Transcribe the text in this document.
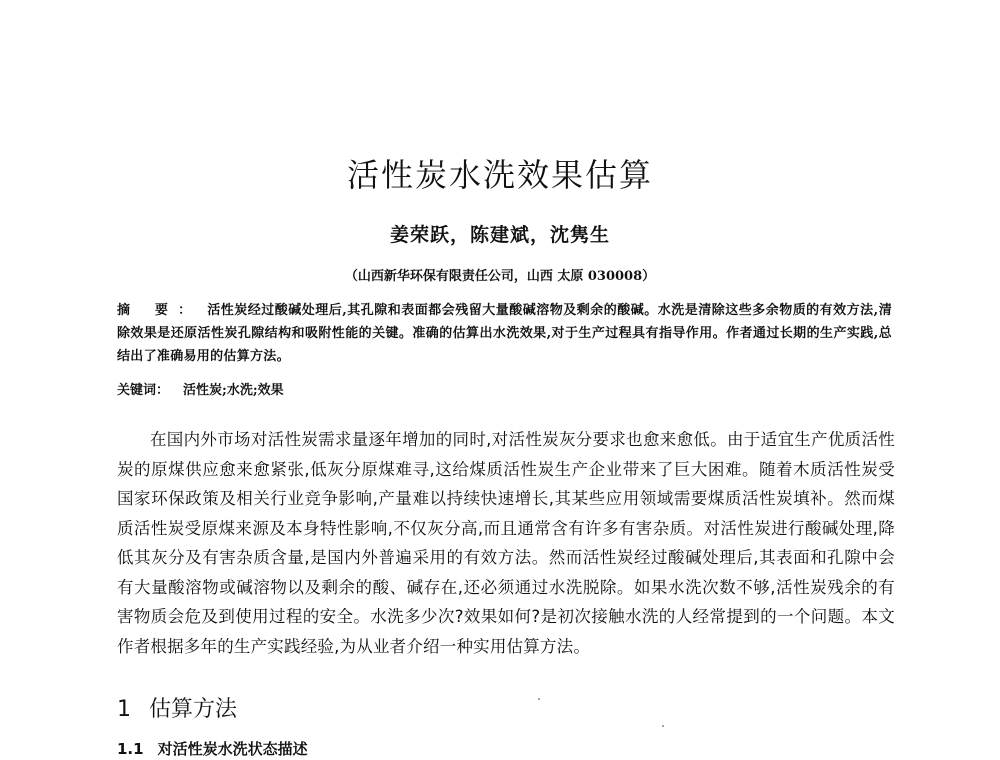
活性炭水洗效果估算
姜荣跃，陈建斌，沈隽生
（山西新华环保有限责任公司，山西 太原 030008）
摘 要： 活性炭经过酸碱处理后,其孔隙和表面都会残留大量酸碱溶物及剩余的酸碱。水洗是清除这些多余物质的有效方法,清除效果是还原活性炭孔隙结构和吸附性能的关键。准确的估算出水洗效果,对于生产过程具有指导作用。作者通过长期的生产实践,总结出了准确易用的估算方法。
关键词： 活性炭;水洗;效果
在国内外市场对活性炭需求量逐年增加的同时,对活性炭灰分要求也愈来愈低。由于适宜生产优质活性炭的原煤供应愈来愈紧张,低灰分原煤难寻,这给煤质活性炭生产企业带来了巨大困难。随着木质活性炭受国家环保政策及相关行业竞争影响,产量难以持续快速增长,其某些应用领域需要煤质活性炭填补。然而煤质活性炭受原煤来源及本身特性影响,不仅灰分高,而且通常含有许多有害杂质。对活性炭进行酸碱处理,降低其灰分及有害杂质含量,是国内外普遍采用的有效方法。然而活性炭经过酸碱处理后,其表面和孔隙中会有大量酸溶物或碱溶物以及剩余的酸、碱存在,还必须通过水洗脱除。如果水洗次数不够,活性炭残余的有害物质会危及到使用过程的安全。水洗多少次?效果如何?是初次接触水洗的人经常提到的一个问题。本文作者根据多年的生产实践经验,为从业者介绍一种实用估算方法。
1 估算方法
1.1 对活性炭水洗状态描述
